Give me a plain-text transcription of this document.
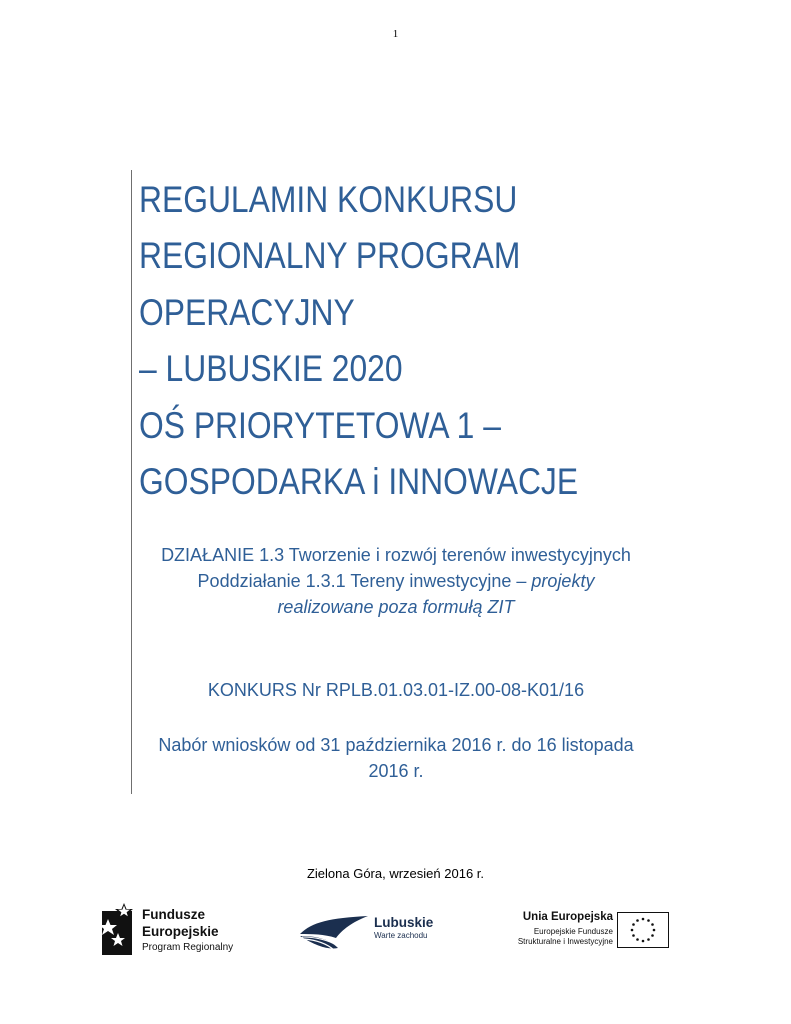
1
REGULAMIN KONKURSU
REGIONALNY PROGRAM
OPERACYJNY
– LUBUSKIE 2020
OŚ PRIORYTETOWA 1 –
GOSPODARKA i INNOWACJE
DZIAŁANIE 1.3 Tworzenie i rozwój terenów inwestycyjnych
Poddziałanie 1.3.1 Tereny inwestycyjne – projekty
realizowane poza formułą ZIT
KONKURS Nr RPLB.01.03.01-IZ.00-08-K01/16
Nabór wniosków od 31 października 2016 r. do 16 listopada
2016 r.
Zielona Góra, wrzesień 2016 r.
Fundusze
Europejskie
Program Regionalny
Lubuskie
Warte zachodu
Unia Europejska
Europejskie Fundusze
Strukturalne i Inwestycyjne
